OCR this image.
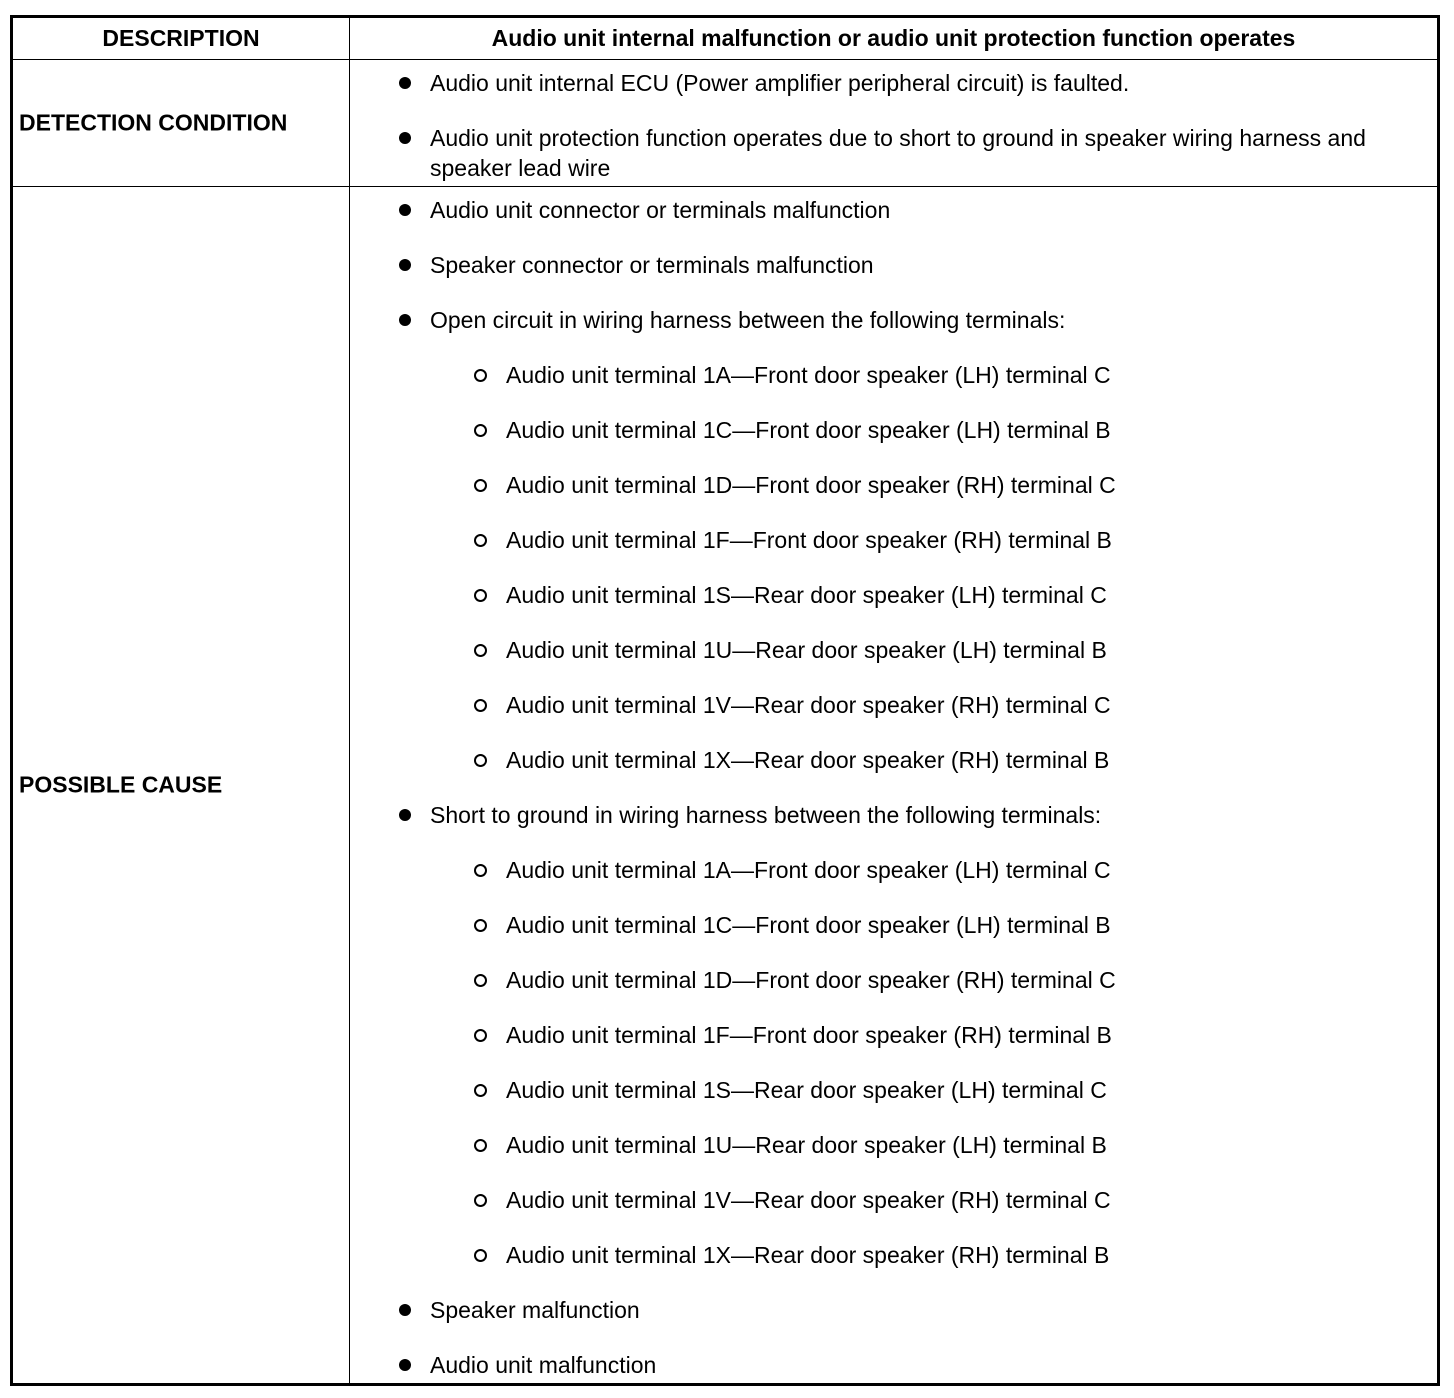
DESCRIPTION	Audio unit internal malfunction or audio unit protection function operates
DETECTION CONDITION
Audio unit internal ECU (Power amplifier peripheral circuit) is faulted.
Audio unit protection function operates due to short to ground in speaker wiring harness and speaker lead wire
POSSIBLE CAUSE
Audio unit connector or terminals malfunction
Speaker connector or terminals malfunction
Open circuit in wiring harness between the following terminals:
Audio unit terminal 1A—Front door speaker (LH) terminal C
Audio unit terminal 1C—Front door speaker (LH) terminal B
Audio unit terminal 1D—Front door speaker (RH) terminal C
Audio unit terminal 1F—Front door speaker (RH) terminal B
Audio unit terminal 1S—Rear door speaker (LH) terminal C
Audio unit terminal 1U—Rear door speaker (LH) terminal B
Audio unit terminal 1V—Rear door speaker (RH) terminal C
Audio unit terminal 1X—Rear door speaker (RH) terminal B
Short to ground in wiring harness between the following terminals:
Audio unit terminal 1A—Front door speaker (LH) terminal C
Audio unit terminal 1C—Front door speaker (LH) terminal B
Audio unit terminal 1D—Front door speaker (RH) terminal C
Audio unit terminal 1F—Front door speaker (RH) terminal B
Audio unit terminal 1S—Rear door speaker (LH) terminal C
Audio unit terminal 1U—Rear door speaker (LH) terminal B
Audio unit terminal 1V—Rear door speaker (RH) terminal C
Audio unit terminal 1X—Rear door speaker (RH) terminal B
Speaker malfunction
Audio unit malfunction
